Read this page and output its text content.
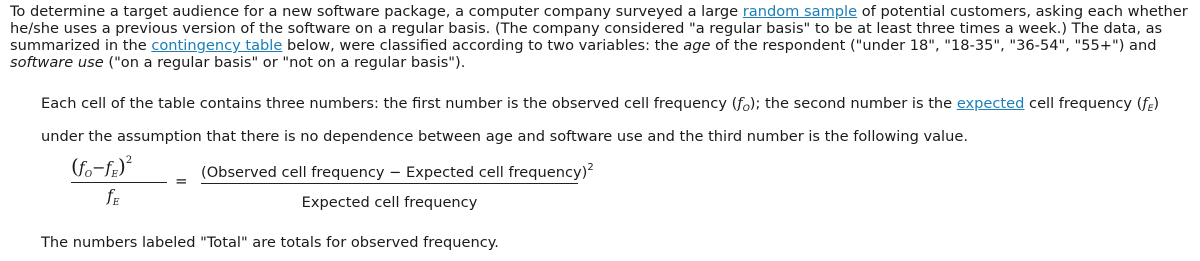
To determine a target audience for a new software package, a computer company surveyed a large random sample of potential customers, asking each whether he/she uses a previous version of the software on a regular basis. (The company considered "a regular basis" to be at least three times a week.) The data, as summarized in the contingency table below, were classified according to two variables: the age of the respondent ("under 18", "18-35", "36-54", "55+") and software use ("on a regular basis" or "not on a regular basis").
Each cell of the table contains three numbers: the first number is the observed cell frequency $(f_O)$; the second number is the expected cell frequency $(f_E)$
under the assumption that there is no dependence between age and software use and the third number is the following value.
$(f_O-f_E)^2$
$f_E$
= (Observed cell frequency − Expected cell frequency)$^2$
Expected cell frequency
The numbers labeled "Total" are totals for observed frequency.
